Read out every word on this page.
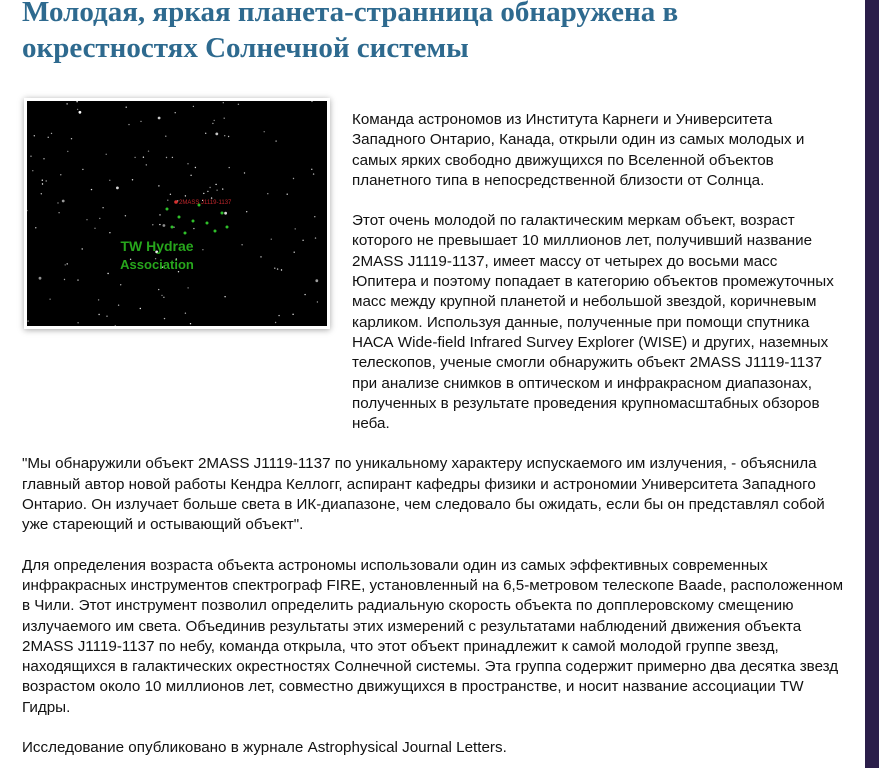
Молодая, яркая планета-странница обнаружена в окрестностях Солнечной системы
2MASS J1119-1137
TW Hydrae
Association

Команда астрономов из Института Карнеги и Университета Западного Онтарио, Канада, открыли один из самых молодых и самых ярких свободно движущихся по Вселенной объектов планетного типа в непосредственной близости от Солнца.

Этот очень молодой по галактическим меркам объект, возраст которого не превышает 10 миллионов лет, получивший название 2MASS J1119-1137, имеет массу от четырех до восьми масс Юпитера и поэтому попадает в категорию объектов промежуточных масс между крупной планетой и небольшой звездой, коричневым карликом. Используя данные, полученные при помощи спутника НАСА Wide-field Infrared Survey Explorer (WISE) и других, наземных телескопов, ученые смогли обнаружить объект 2MASS J1119-1137 при анализе снимков в оптическом и инфракрасном диапазонах, полученных в результате проведения крупномасштабных обзоров неба.

"Мы обнаружили объект 2MASS J1119-1137 по уникальному характеру испускаемого им излучения, - объяснила главный автор новой работы Кендра Келлогг, аспирант кафедры физики и астрономии Университета Западного Онтарио. Он излучает больше света в ИК-диапазоне, чем следовало бы ожидать, если бы он представлял собой уже стареющий и остывающий объект".

Для определения возраста объекта астрономы использовали один из самых эффективных современных инфракрасных инструментов спектрограф FIRE, установленный на 6,5-метровом телескопе Baade, расположенном в Чили. Этот инструмент позволил определить радиальную скорость объекта по допплеровскому смещению излучаемого им света. Объединив результаты этих измерений с результатами наблюдений движения объекта 2MASS J1119-1137 по небу, команда открыла, что этот объект принадлежит к самой молодой группе звезд, находящихся в галактических окрестностях Солнечной системы. Эта группа содержит примерно два десятка звезд возрастом около 10 миллионов лет, совместно движущихся в пространстве, и носит название ассоциации TW Гидры.

Исследование опубликовано в журнале Astrophysical Journal Letters.
